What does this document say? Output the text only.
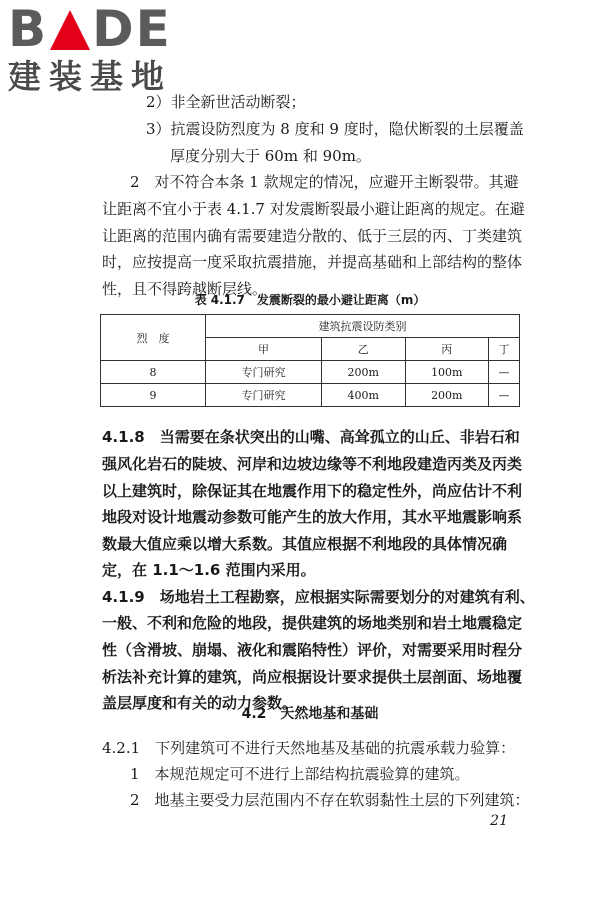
B DE
建装基地
2）非全新世活动断裂；
3）抗震设防烈度为 8 度和 9 度时，隐伏断裂的土层覆盖
厚度分别大于 60m 和 90m。
2　对不符合本条 1 款规定的情况，应避开主断裂带。其避
让距离不宜小于表 4.1.7 对发震断裂最小避让距离的规定。在避
让距离的范围内确有需要建造分散的、低于三层的丙、丁类建筑
时，应按提高一度采取抗震措施，并提高基础和上部结构的整体
性，且不得跨越断层线。
表 4.1.7　发震断裂的最小避让距离（m）
烈　度	建筑抗震设防类别			
	甲	乙	丙	丁
8	专门研究	200m	100m	—
9	专门研究	400m	200m	—
4.1.8　当需要在条状突出的山嘴、高耸孤立的山丘、非岩石和
强风化岩石的陡坡、河岸和边坡边缘等不利地段建造丙类及丙类
以上建筑时，除保证其在地震作用下的稳定性外，尚应估计不利
地段对设计地震动参数可能产生的放大作用，其水平地震影响系
数最大值应乘以增大系数。其值应根据不利地段的具体情况确
定，在 1.1～1.6 范围内采用。
4.1.9　场地岩土工程勘察，应根据实际需要划分的对建筑有利、
一般、不利和危险的地段，提供建筑的场地类别和岩土地震稳定
性（含滑坡、崩塌、液化和震陷特性）评价，对需要采用时程分
析法补充计算的建筑，尚应根据设计要求提供土层剖面、场地覆
盖层厚度和有关的动力参数。
4.2　天然地基和基础
4.2.1　下列建筑可不进行天然地基及基础的抗震承载力验算：
1　本规范规定可不进行上部结构抗震验算的建筑。
2　地基主要受力层范围内不存在软弱黏性土层的下列建筑：
21
